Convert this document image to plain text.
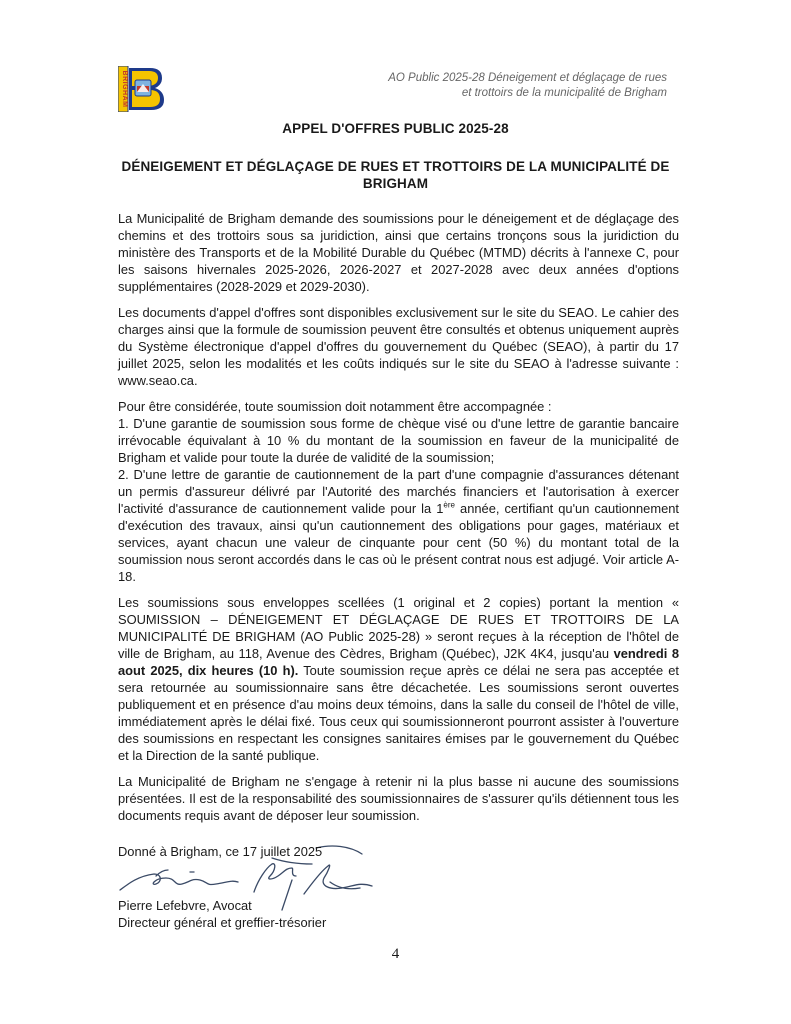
BRIGHAM	AO Public 2025-28 Déneigement et déglaçage de rues
et trottoirs de la municipalité de Brigham
APPEL D'OFFRES PUBLIC 2025-28
DÉNEIGEMENT ET DÉGLAÇAGE DE RUES ET TROTTOIRS DE LA MUNICIPALITÉ DE
BRIGHAM

La Municipalité de Brigham demande des soumissions pour le déneigement et de déglaçage des chemins et des trottoirs sous sa juridiction, ainsi que certains tronçons sous la juridiction du ministère des Transports et de la Mobilité Durable du Québec (MTMD) décrits à l'annexe C, pour les saisons hivernales 2025-2026, 2026-2027 et 2027-2028 avec deux années d'options supplémentaires (2028-2029 et 2029-2030).

Les documents d'appel d'offres sont disponibles exclusivement sur le site du SEAO. Le cahier des charges ainsi que la formule de soumission peuvent être consultés et obtenus uniquement auprès du Système électronique d'appel d'offres du gouvernement du Québec (SEAO), à partir du 17 juillet 2025, selon les modalités et les coûts indiqués sur le site du SEAO à l'adresse suivante : www.seao.ca.

Pour être considérée, toute soumission doit notamment être accompagnée :

1. D'une garantie de soumission sous forme de chèque visé ou d'une lettre de garantie bancaire irrévocable équivalant à 10 % du montant de la soumission en faveur de la municipalité de Brigham et valide pour toute la durée de validité de la soumission;

2. D'une lettre de garantie de cautionnement de la part d'une compagnie d'assurances détenant un permis d'assureur délivré par l'Autorité des marchés financiers et l'autorisation à exercer l'activité d'assurance de cautionnement valide pour la 1ère année, certifiant qu'un cautionnement d'exécution des travaux, ainsi qu'un cautionnement des obligations pour gages, matériaux et services, ayant chacun une valeur de cinquante pour cent (50 %) du montant total de la soumission nous seront accordés dans le cas où le présent contrat nous est adjugé. Voir article A-18.

Les soumissions sous enveloppes scellées (1 original et 2 copies) portant la mention « SOUMISSION – DÉNEIGEMENT ET DÉGLAÇAGE DE RUES ET TROTTOIRS DE LA MUNICIPALITÉ DE BRIGHAM (AO Public 2025-28) » seront reçues à la réception de l'hôtel de ville de Brigham, au 118, Avenue des Cèdres, Brigham (Québec), J2K 4K4, jusqu'au vendredi 8 aout 2025, dix heures (10 h). Toute soumission reçue après ce délai ne sera pas acceptée et sera retournée au soumissionnaire sans être décachetée. Les soumissions seront ouvertes publiquement et en présence d'au moins deux témoins, dans la salle du conseil de l'hôtel de ville, immédiatement après le délai fixé. Tous ceux qui soumissionneront pourront assister à l'ouverture des soumissions en respectant les consignes sanitaires émises par le gouvernement du Québec et la Direction de la santé publique.

La Municipalité de Brigham ne s'engage à retenir ni la plus basse ni aucune des soumissions présentées. Il est de la responsabilité des soumissionnaires de s'assurer qu'ils détiennent tous les documents requis avant de déposer leur soumission.

Donné à Brigham, ce 17 juillet 2025
Pierre Lefebvre, Avocat
Directeur général et greffier-trésorier
4
